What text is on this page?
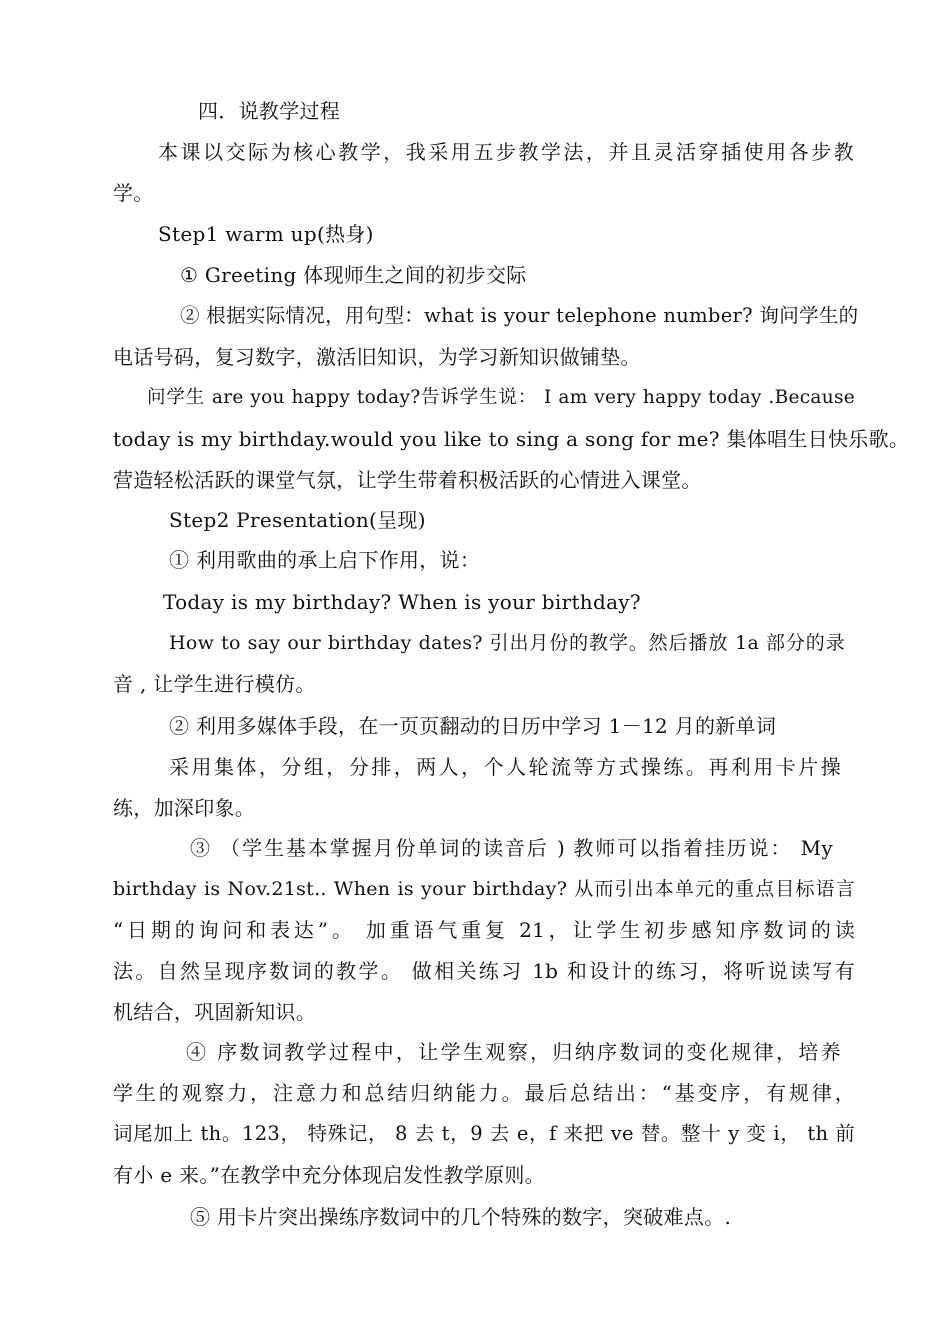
四．说教学过程
本课以交际为核心教学，我采用五步教学法，并且灵活穿插使用各步教
学。
Step1 warm up(热身)
① Greeting 体现师生之间的初步交际
② 根据实际情况，用句型：what is your telephone number? 询问学生的
电话号码，复习数字，激活旧知识，为学习新知识做铺垫。
问学生 are you happy today?告诉学生说： I am very happy today .Because
today is my birthday.would you like to sing a song for me? 集体唱生日快乐歌。
营造轻松活跃的课堂气氛，让学生带着积极活跃的心情进入课堂。
Step2 Presentation(呈现)
① 利用歌曲的承上启下作用，说：
Today is my birthday? When is your birthday?
How to say our birthday dates? 引出月份的教学。然后播放 1a 部分的录
音 , 让学生进行模仿。
② 利用多媒体手段，在一页页翻动的日历中学习 1－12 月的新单词
采用集体，分组，分排，两人，个人轮流等方式操练。再利用卡片操
练，加深印象。
③ （学生基本掌握月份单词的读音后 ) 教师可以指着挂历说： My
birthday is Nov.21st.. When is your birthday? 从而引出本单元的重点目标语言
“日期的询问和表达”。 加重语气重复 21，让学生初步感知序数词的读
法。自然呈现序数词的教学。 做相关练习 1b 和设计的练习，将听说读写有
机结合，巩固新知识。
④ 序数词教学过程中，让学生观察，归纳序数词的变化规律，培养
学生的观察力，注意力和总结归纳能力。最后总结出：“基变序，有规律，
词尾加上 th。123， 特殊记， 8 去 t，9 去 e，f 来把 ve 替。整十 y 变 i， th 前
有小 e 来。”在教学中充分体现启发性教学原则。
⑤ 用卡片突出操练序数词中的几个特殊的数字，突破难点。.
